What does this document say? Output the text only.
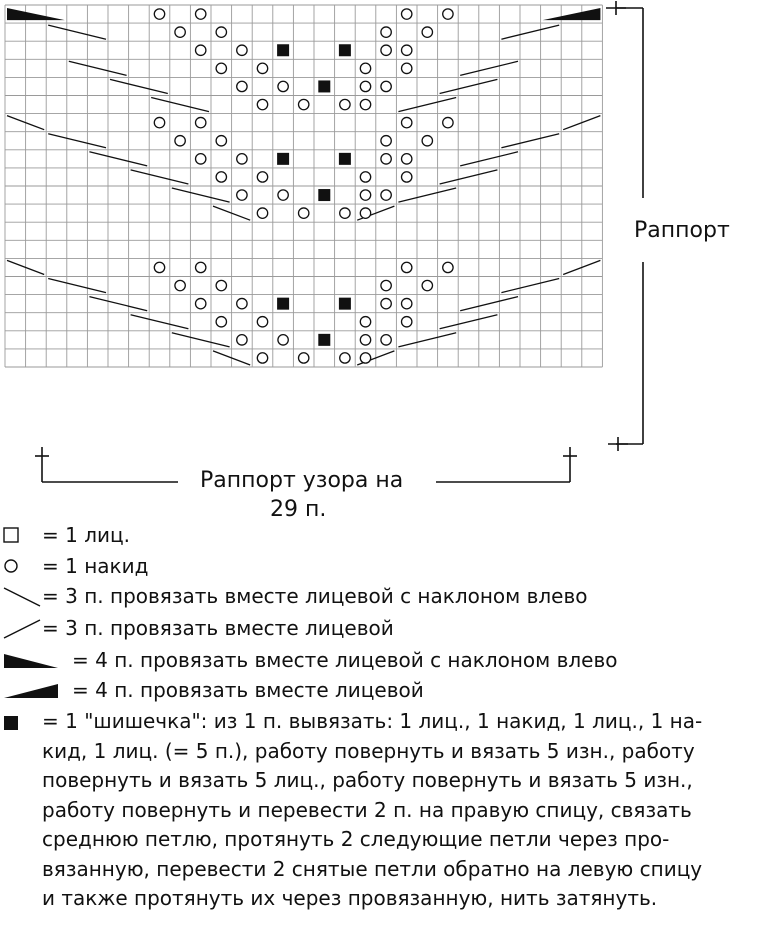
Раппорт
Раппорт узора на
29 п.
= 1 лиц.
= 1 накид
= 3 п. провязать вместе лицевой с наклоном влево
= 3 п. провязать вместе лицевой
= 4 п. провязать вместе лицевой с наклоном влево
= 4 п. провязать вместе лицевой
= 1 "шишечка": из 1 п. вывязать: 1 лиц., 1 накид, 1 лиц., 1 на-
кид, 1 лиц. (= 5 п.), работу повернуть и вязать 5 изн., работу
повернуть и вязать 5 лиц., работу повернуть и вязать 5 изн.,
работу повернуть и перевести 2 п. на правую спицу, связать
среднюю петлю, протянуть 2 следующие петли через про-
вязанную, перевести 2 снятые петли обратно на левую спицу
и также протянуть их через провязанную, нить затянуть.
